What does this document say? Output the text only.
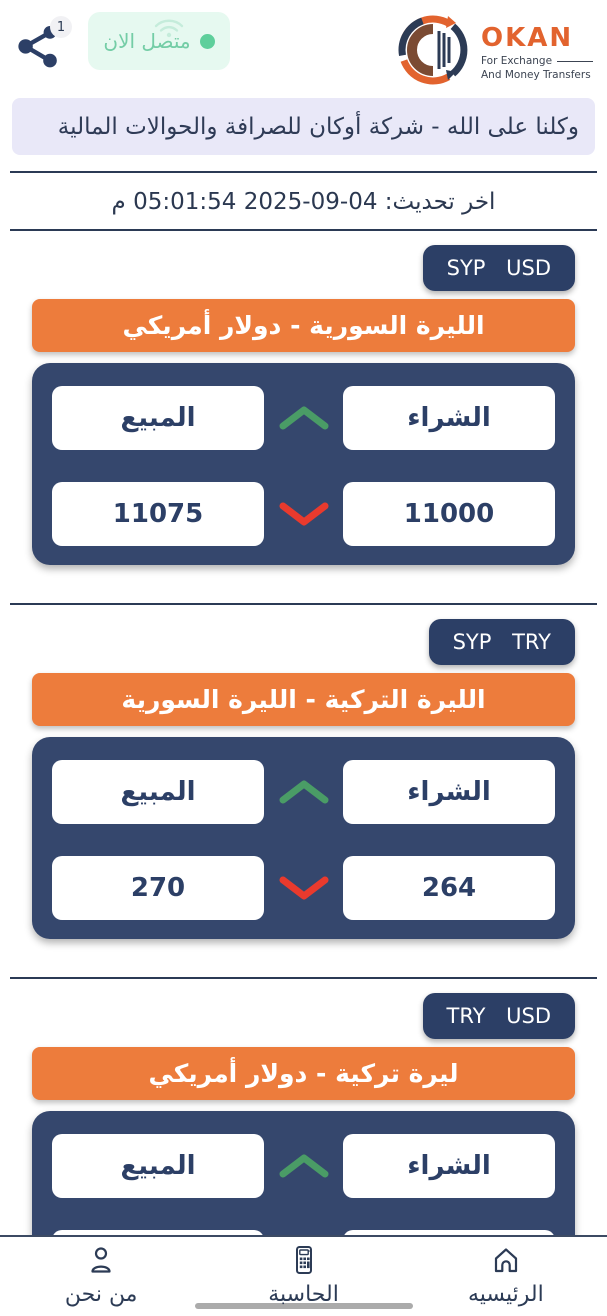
1
متصل الان	OKAN
For Exchange
And Money Transfers
وكلنا على الله - شركة أوكان للصرافة والحوالات المالية
اخر تحديث: 04-09-2025 05:01:54 م
SYP USD
الليرة السورية - دولار أمريكي
الشراء
المبيع
11000
11075
SYP TRY
الليرة التركية - الليرة السورية
الشراء
المبيع
264
270
TRY USD
ليرة تركية - دولار أمريكي
الشراء
المبيع
الرئيسيه
الحاسبة
من نحن
